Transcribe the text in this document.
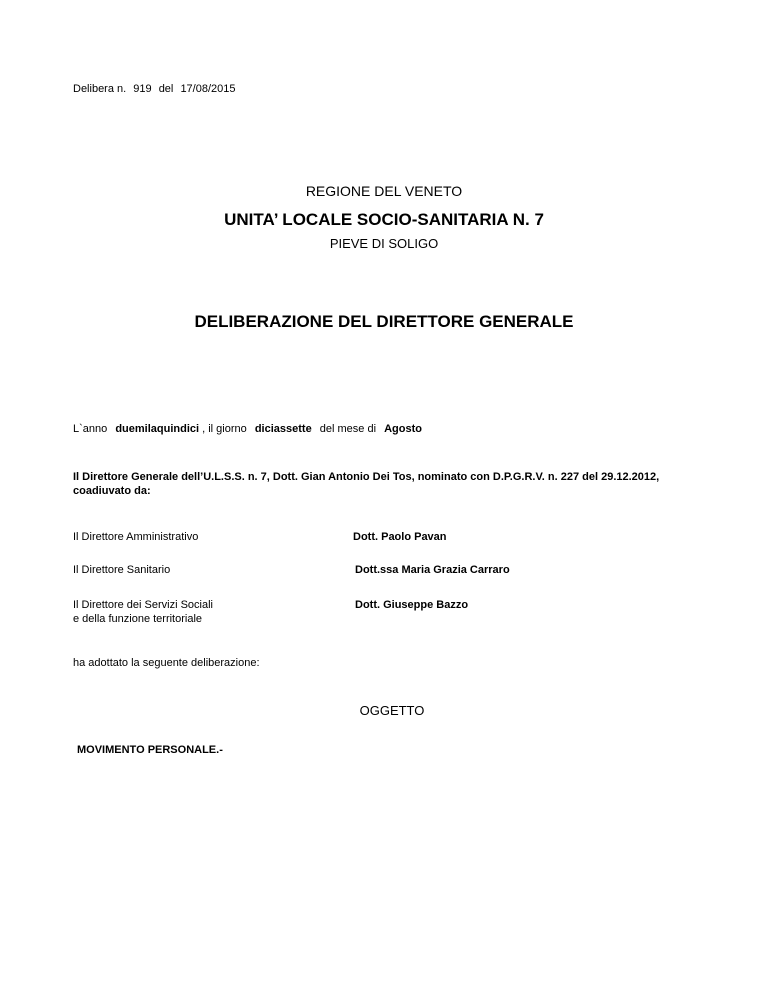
Delibera n. 919 del 17/08/2015
REGIONE DEL VENETO
UNITA’ LOCALE SOCIO-SANITARIA N. 7
PIEVE DI SOLIGO
DELIBERAZIONE DEL DIRETTORE GENERALE
L`anno duemilaquindici , il giorno diciassette del mese di Agosto
Il Direttore Generale dell’U.L.S.S. n. 7, Dott. Gian Antonio Dei Tos, nominato con D.P.G.R.V. n. 227 del 29.12.2012, coadiuvato da:
Il Direttore Amministrativo	Dott. Paolo Pavan
Il Direttore Sanitario	Dott.ssa Maria Grazia Carraro
Il Direttore dei Servizi Sociali
e della funzione territoriale
Dott. Giuseppe Bazzo
ha adottato la seguente deliberazione:
OGGETTO
MOVIMENTO PERSONALE.-
